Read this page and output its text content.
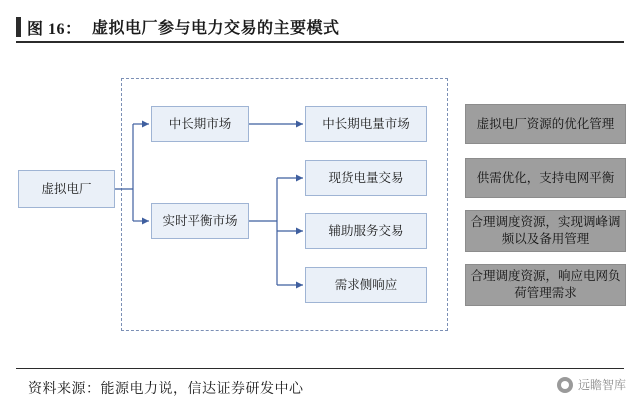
图 16： 虚拟电厂参与电力交易的主要模式
虚拟电厂
中长期市场
实时平衡市场
中长期电量市场
现货电量交易
辅助服务交易
需求侧响应
虚拟电厂资源的优化管理
供需优化，支持电网平衡
合理调度资源，实现调峰调频以及备用管理
合理调度资源，响应电网负荷管理需求
资料来源：能源电力说，信达证券研发中心	远瞻智库
